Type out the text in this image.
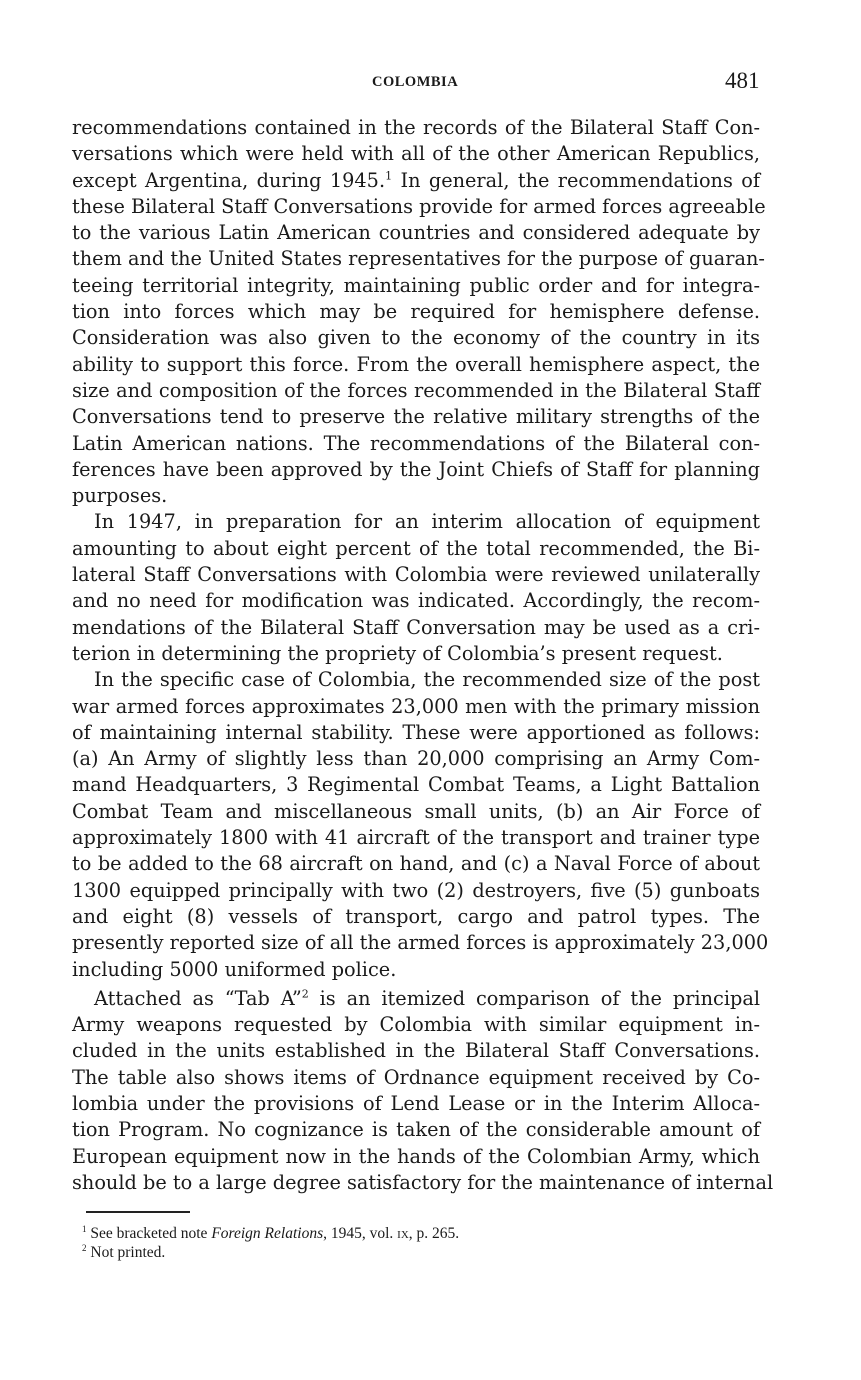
COLOMBIA	481
recommendations contained in the records of the Bilateral Staff Con-
versations which were held with all of the other American Republics,
except Argentina, during 1945.$^1$ In general, the recommendations of
these Bilateral Staff Conversations provide for armed forces agreeable
to the various Latin American countries and considered adequate by
them and the United States representatives for the purpose of guaran-
teeing territorial integrity, maintaining public order and for integra-
tion into forces which may be required for hemisphere defense.
Consideration was also given to the economy of the country in its
ability to support this force. From the overall hemisphere aspect, the
size and composition of the forces recommended in the Bilateral Staff
Conversations tend to preserve the relative military strengths of the
Latin American nations. The recommendations of the Bilateral con-
ferences have been approved by the Joint Chiefs of Staff for planning
purposes.
In 1947, in preparation for an interim allocation of equipment
amounting to about eight percent of the total recommended, the Bi-
lateral Staff Conversations with Colombia were reviewed unilaterally
and no need for modification was indicated. Accordingly, the recom-
mendations of the Bilateral Staff Conversation may be used as a cri-
terion in determining the propriety of Colombia’s present request.
In the specific case of Colombia, the recommended size of the post
war armed forces approximates 23,000 men with the primary mission
of maintaining internal stability. These were apportioned as follows:
(a) An Army of slightly less than 20,000 comprising an Army Com-
mand Headquarters, 3 Regimental Combat Teams, a Light Battalion
Combat Team and miscellaneous small units, (b) an Air Force of
approximately 1800 with 41 aircraft of the transport and trainer type
to be added to the 68 aircraft on hand, and (c) a Naval Force of about
1300 equipped principally with two (2) destroyers, five (5) gunboats
and eight (8) vessels of transport, cargo and patrol types. The
presently reported size of all the armed forces is approximately 23,000
including 5000 uniformed police.
Attached as “Tab A”$^2$ is an itemized comparison of the principal
Army weapons requested by Colombia with similar equipment in-
cluded in the units established in the Bilateral Staff Conversations.
The table also shows items of Ordnance equipment received by Co-
lombia under the provisions of Lend Lease or in the Interim Alloca-
tion Program. No cognizance is taken of the considerable amount of
European equipment now in the hands of the Colombian Army, which
should be to a large degree satisfactory for the maintenance of internal
$^1$ See bracketed note Foreign Relations, 1945, vol. ix, p. 265.
$^2$ Not printed.
